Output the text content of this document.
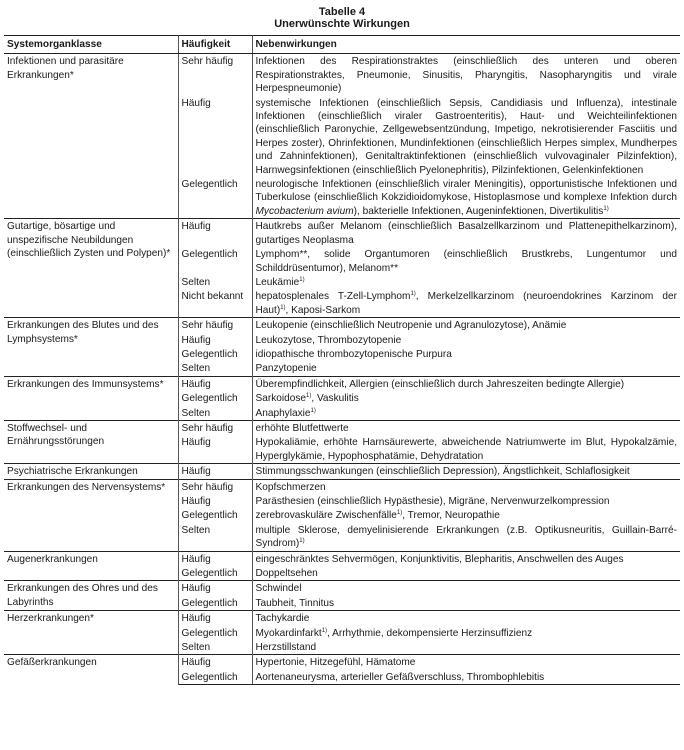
Tabelle 4
Unerwünschte Wirkungen
Systemorganklasse	Häufigkeit	Nebenwirkungen
Infektionen und parasitäre Erkrankungen*	Sehr häufig	Infektionen des Respirationstraktes (einschließlich des unteren und oberen Respirationstraktes, Pneumonie, Sinusitis, Pharyngitis, Nasopharyngitis und virale Herpespneumonie)
	Häufig	systemische Infektionen (einschließlich Sepsis, Candidiasis und Influenza), intestinale Infektionen (einschließlich viraler Gastroenteritis), Haut- und Weichteilinfektionen (einschließlich Paronychie, Zellgewebsentzündung, Impetigo, nekrotisierender Fasciitis und Herpes zoster), Ohrinfektionen, Mundinfektionen (einschließlich Herpes simplex, Mundherpes und Zahninfektionen), Genitaltraktinfektionen (einschließlich vulvovaginaler Pilzinfektion), Harnwegsinfektionen (einschließlich Pyelonephritis), Pilzinfektionen, Gelenkinfektionen
	Gelegentlich	neurologische Infektionen (einschließlich viraler Meningitis), opportunistische Infektionen und Tuberkulose (einschließlich Kokzidioidomykose, Histoplasmose und komplexe Infektion durch Mycobacterium avium), bakterielle Infektionen, Augeninfektionen, Divertikulitis$^{1)}$
Gutartige, bösartige und unspezifische Neubildungen (einschließlich Zysten und Polypen)*	Häufig	Hautkrebs außer Melanom (einschließlich Basalzellkarzinom und Plattenepithelkarzinom), gutartiges Neoplasma
	Gelegentlich	Lymphom**, solide Organtumoren (einschließlich Brustkrebs, Lungentumor und Schilddrüsentumor), Melanom**
	Selten	Leukämie$^{1)}$
	Nicht bekannt	hepatosplenales T-Zell-Lymphom$^{1)}$, Merkelzellkarzinom (neuroendokrines Karzinom der Haut)$^{1)}$, Kaposi-Sarkom
Erkrankungen des Blutes und des Lymphsystems*	Sehr häufig	Leukopenie (einschließlich Neutropenie und Agranulozytose), Anämie
	Häufig	Leukozytose, Thrombozytopenie
	Gelegentlich	idiopathische thrombozytopenische Purpura
	Selten	Panzytopenie
Erkrankungen des Immunsystems*	Häufig	Überempfindlichkeit, Allergien (einschließlich durch Jahreszeiten bedingte Allergie)
	Gelegentlich	Sarkoidose$^{1)}$, Vaskulitis
	Selten	Anaphylaxie$^{1)}$
Stoffwechsel- und Ernährungsstörungen	Sehr häufig	erhöhte Blutfettwerte
	Häufig	Hypokaliämie, erhöhte Harnsäurewerte, abweichende Natriumwerte im Blut, Hypokalzämie, Hyperglykämie, Hypophosphatämie, Dehydratation
Psychiatrische Erkrankungen	Häufig	Stimmungsschwankungen (einschließlich Depression), Ängstlichkeit, Schlaflosigkeit
Erkrankungen des Nervensystems*	Sehr häufig	Kopfschmerzen
	Häufig	Parästhesien (einschließlich Hypästhesie), Migräne, Nervenwurzelkompression
	Gelegentlich	zerebrovaskuläre Zwischenfälle$^{1)}$, Tremor, Neuropathie
	Selten	multiple Sklerose, demyelinisierende Erkrankungen (z.B. Optikusneuritis, Guillain-Barré-Syndrom)$^{1)}$
Augenerkrankungen	Häufig	eingeschränktes Sehvermögen, Konjunktivitis, Blepharitis, Anschwellen des Auges
	Gelegentlich	Doppeltsehen
Erkrankungen des Ohres und des Labyrinths	Häufig	Schwindel
	Gelegentlich	Taubheit, Tinnitus
Herzerkrankungen*	Häufig	Tachykardie
	Gelegentlich	Myokardinfarkt$^{1)}$, Arrhythmie, dekompensierte Herzinsuffizienz
	Selten	Herzstillstand
Gefäßerkrankungen	Häufig	Hypertonie, Hitzegefühl, Hämatome
	Gelegentlich	Aortenaneurysma, arterieller Gefäßverschluss, Thrombophlebitis
